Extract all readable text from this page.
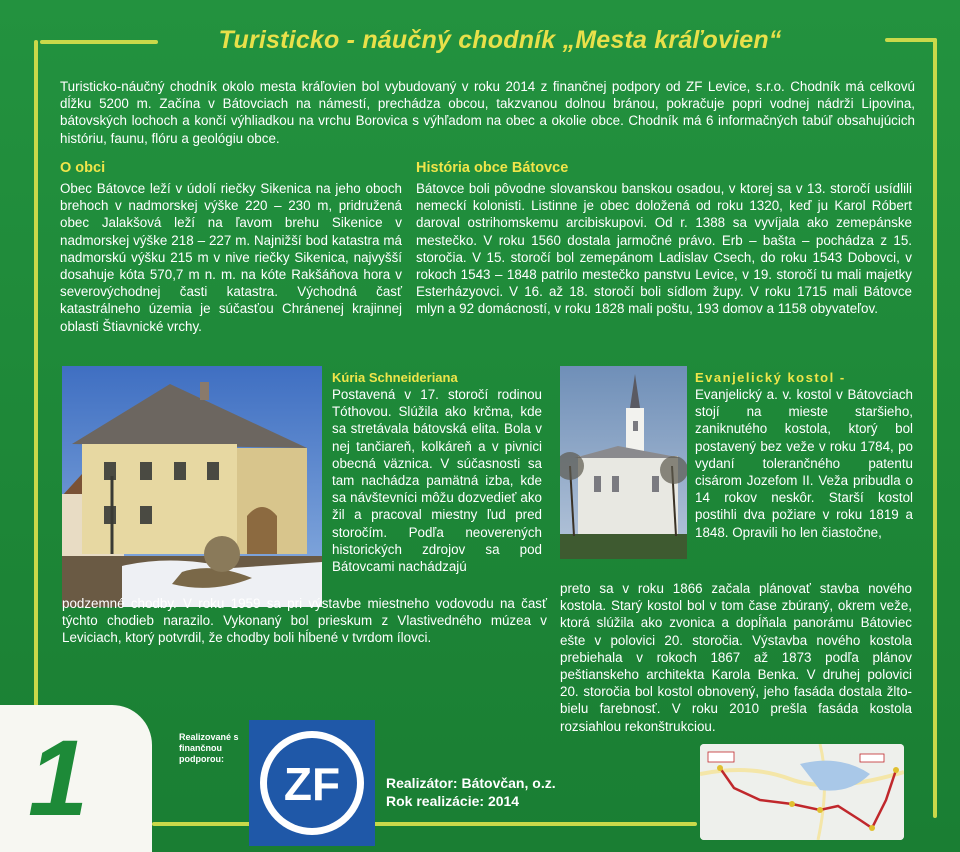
Turisticko - náučný chodník „Mesta kráľovien“
Turisticko-náučný chodník okolo mesta kráľovien bol vybudovaný v roku 2014 z finančnej podpory od ZF Levice, s.r.o. Chodník má celkovú dĺžku 5200 m. Začína v Bátovciach na námestí, prechádza obcou, takzvanou dolnou bránou, pokračuje popri vodnej nádrži Lipovina, bátovských lochoch a končí výhliadkou na vrchu Borovica s výhľadom na obec a okolie obce. Chodník má 6 informačných tabúľ obsahujúcich históriu, faunu, flóru a geológiu obce.
O obci
Obec Bátovce leží v údolí riečky Sikenica na jeho oboch brehoch v nadmorskej výške 220 – 230 m, pridružená obec Jalakšová leží na ľavom brehu Sikenice v nadmorskej výške 218 – 227 m. Najnižší bod katastra má nadmorskú výšku 215 m v nive riečky Sikenica, najvyšší dosahuje kóta 570,7 m n. m. na kóte Rakšáňova hora v severovýchodnej časti katastra. Východná časť katastrálneho územia je súčasťou Chránenej krajinnej oblasti Štiavnické vrchy.
História obce Bátovce
Bátovce boli pôvodne slovanskou banskou osadou, v ktorej sa v 13. storočí usídlili nemeckí kolonisti. Listinne je obec doložená od roku 1320, keď ju Karol Róbert daroval ostrihomskemu arcibiskupovi. Od r. 1388 sa vyvíjala ako zemepánske mestečko. V roku 1560 dostala jarmočné právo. Erb – bašta – pochádza z 15. storočia. V 15. storočí bol zemepánom Ladislav Csech, do roku 1543 Dobovci, v rokoch 1543 – 1848 patrilo mestečko panstvu Levice, v 19. storočí tu mali majetky Esterházyovci. V 16. až 18. storočí boli sídlom župy. V roku 1715 mali Bátovce mlyn a 92 domácností, v roku 1828 mali poštu, 193 domov a 1158 obyvateľov.
Kúria Schneideriana
Postavená v 17. storočí rodinou Tóthovou. Slúžila ako krčma, kde sa stretávala bátovská elita. Bola v nej tančiareň, kolkáreň a v pivnici obecná väznica. V súčasnosti sa tam nachádza pamätná izba, kde sa návštevníci môžu dozvedieť ako žil a pracoval miestny ľud pred storočím. Podľa neoverených historických zdrojov sa pod Bátovcami nachádzajú
podzemné chodby. V roku 1959 sa pri výstavbe miestneho vodovodu na časť týchto chodieb narazilo. Vykonaný bol prieskum z Vlastivedného múzea v Leviciach, ktorý potvrdil, že chodby boli hĺbené v tvrdom ílovci.
Evanjelický kostol -
Evanjelický a. v. kostol v Bátovciach stojí na mieste staršieho, zaniknutého kostola, ktorý bol postavený bez veže v roku 1784, po vydaní tolerančného patentu cisárom Jozefom II. Veža pribudla o 14 rokov neskôr. Starší kostol postihli dva požiare v roku 1819 a 1848. Opravili ho len čiastočne,
preto sa v roku 1866 začala plánovať stavba nového kostola. Starý kostol bol v tom čase zbúraný, okrem veže, ktorá slúžila ako zvonica a dopĺňala panorámu Bátoviec ešte v polovici 20. storočia. Výstavba nového kostola prebiehala v rokoch 1867 až 1873 podľa plánov peštianskeho architekta Karola Benka. V druhej polovici 20. storočia bol kostol obnovený, jeho fasáda dostala žlto-bielu farebnosť. V roku 2010 prešla fasáda kostola rozsiahlou rekonštrukciou.
1	Realizované s finančnou podporou:	ZF	Realizátor: Bátovčan, o.z.
Rok realizácie: 2014
